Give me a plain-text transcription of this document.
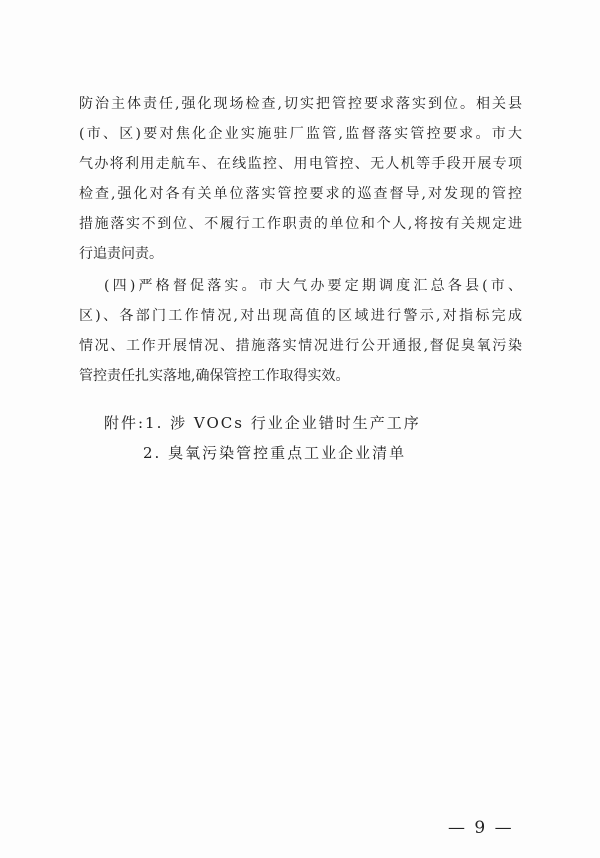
防治主体责任,强化现场检查,切实把管控要求落实到位。相关县
(市、区)要对焦化企业实施驻厂监管,监督落实管控要求。市大
气办将利用走航车、在线监控、用电管控、无人机等手段开展专项
检查,强化对各有关单位落实管控要求的巡查督导,对发现的管控
措施落实不到位、不履行工作职责的单位和个人,将按有关规定进
行追责问责。
(四)严格督促落实。市大气办要定期调度汇总各县(市、
区)、各部门工作情况,对出现高值的区域进行警示,对指标完成
情况、工作开展情况、措施落实情况进行公开通报,督促臭氧污染
管控责任扎实落地,确保管控工作取得实效。
附件:1. 涉 VOCs 行业企业错时生产工序
2. 臭氧污染管控重点工业企业清单
— 9 —
